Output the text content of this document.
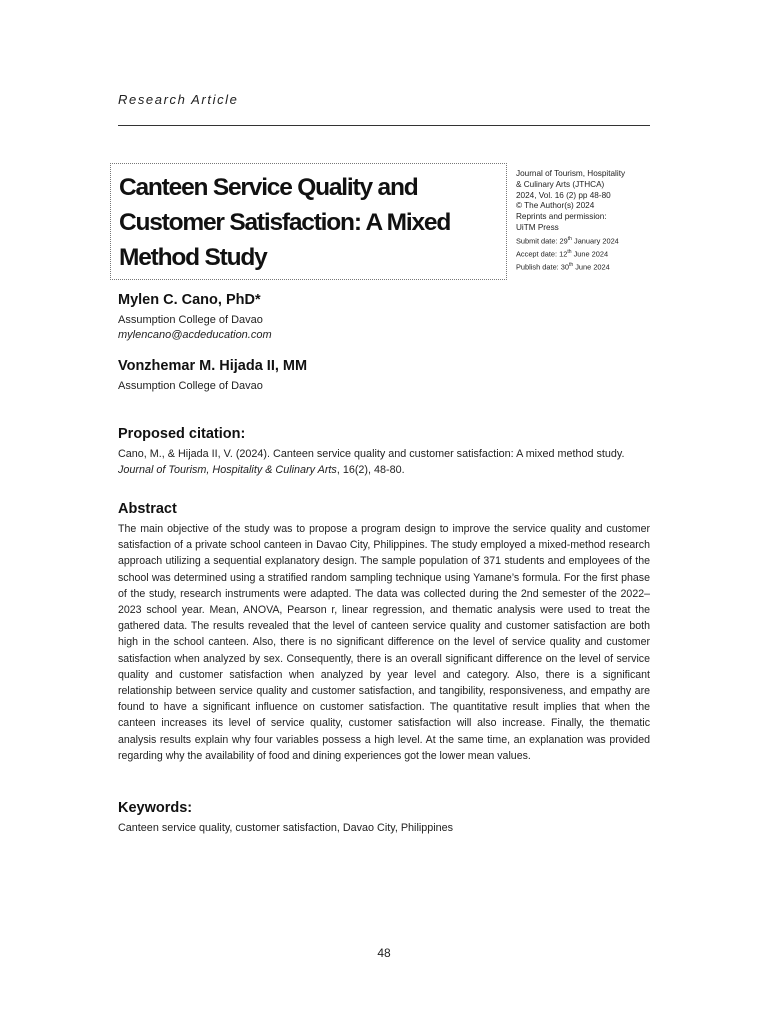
Research Article
Canteen Service Quality and Customer Satisfaction: A Mixed Method Study
Journal of Tourism, Hospitality
& Culinary Arts (JTHCA)
2024, Vol. 16 (2) pp 48-80
© The Author(s) 2024
Reprints and permission:
UiTM Press
Submit date: 29th January 2024
Accept date: 12th June 2024
Publish date: 30th June 2024
Mylen C. Cano, PhD*
Assumption College of Davao
mylencano@acdeducation.com
Vonzhemar M. Hijada II, MM
Assumption College of Davao
Proposed citation:
Cano, M., & Hijada II, V. (2024). Canteen service quality and customer satisfaction: A mixed method study. Journal of Tourism, Hospitality & Culinary Arts, 16(2), 48-80.
Abstract

The main objective of the study was to propose a program design to improve the service quality and customer satisfaction of a private school canteen in Davao City, Philippines. The study employed a mixed-method research approach utilizing a sequential explanatory design. The sample population of 371 students and employees of the school was determined using a stratified random sampling technique using Yamane’s formula. For the first phase of the study, research instruments were adapted. The data was collected during the 2nd semester of the 2022–2023 school year. Mean, ANOVA, Pearson r, linear regression, and thematic analysis were used to treat the gathered data. The results revealed that the level of canteen service quality and customer satisfaction are both high in the school canteen. Also, there is no significant difference on the level of service quality and customer satisfaction when analyzed by sex. Consequently, there is an overall significant difference on the level of service quality and customer satisfaction when analyzed by year level and category. Also, there is a significant relationship between service quality and customer satisfaction, and tangibility, responsiveness, and empathy are found to have a significant influence on customer satisfaction. The quantitative result implies that when the canteen increases its level of service quality, customer satisfaction will also increase. Finally, the thematic analysis results explain why four variables possess a high level. At the same time, an explanation was provided regarding why the availability of food and dining experiences got the lower mean values.

Keywords:
Canteen service quality, customer satisfaction, Davao City, Philippines
48
